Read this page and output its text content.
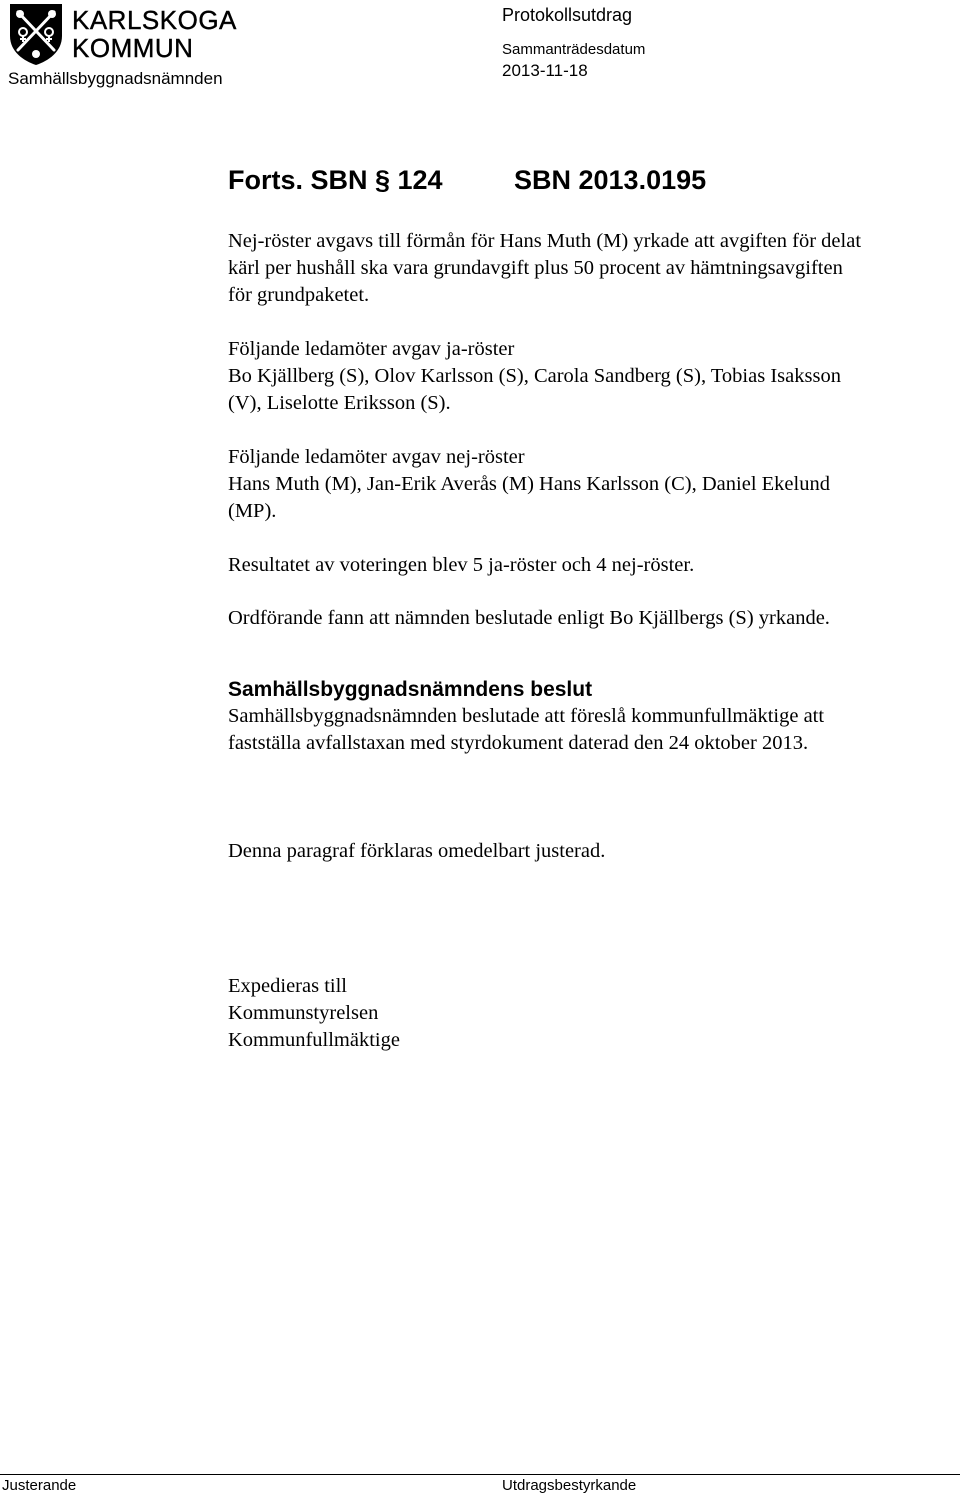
KARLSKOGA
KOMMUN
Samhällsbyggnadsnämnden
Protokollsutdrag
Sammanträdesdatum
2013-11-18
Forts. SBN § 124	SBN 2013.0195

Nej-röster avgavs till förmån för Hans Muth (M) yrkade att avgiften för delat
kärl per hushåll ska vara grundavgift plus 50 procent av hämtningsavgiften
för grundpaketet.

Följande ledamöter avgav ja-röster
Bo Kjällberg (S), Olov Karlsson (S), Carola Sandberg (S), Tobias Isaksson
(V), Liselotte Eriksson (S).

Följande ledamöter avgav nej-röster
Hans Muth (M), Jan-Erik Averås (M) Hans Karlsson (C), Daniel Ekelund
(MP).

Resultatet av voteringen blev 5 ja-röster och 4 nej-röster.

Ordförande fann att nämnden beslutade enligt Bo Kjällbergs (S) yrkande.

Samhällsbyggnadsnämndens beslut

Samhällsbyggnadsnämnden beslutade att föreslå kommunfullmäktige att
fastställa avfallstaxan med styrdokument daterad den 24 oktober 2013.

Denna paragraf förklaras omedelbart justerad.

Expedieras till
Kommunstyrelsen
Kommunfullmäktige

Justerande	Utdragsbestyrkande
